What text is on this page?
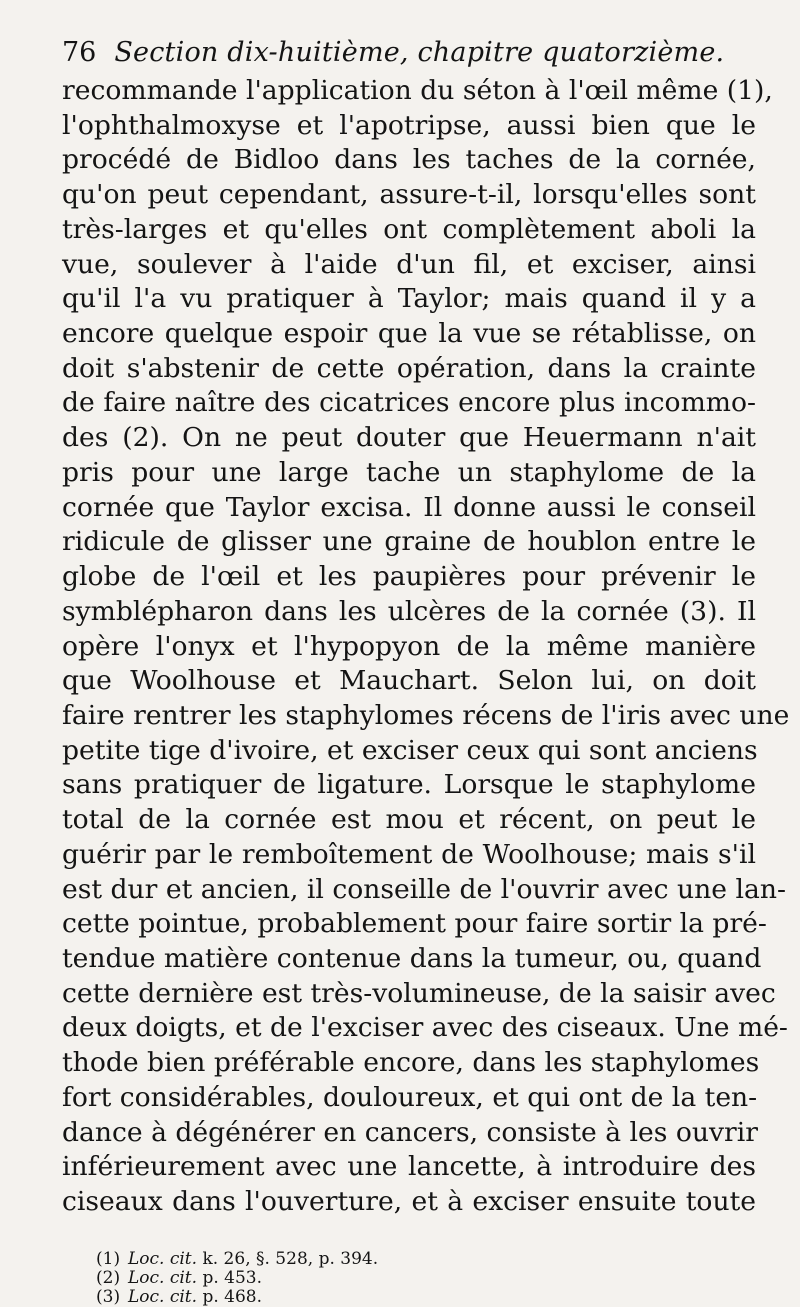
76 Section dix-huitième, chapitre quatorzième.
recommande l'application du séton à l'œil même (1),
l'ophthalmoxyse et l'apotripse, aussi bien que le
procédé de Bidloo dans les taches de la cornée,
qu'on peut cependant, assure-t-il, lorsqu'elles sont
très-larges et qu'elles ont complètement aboli la
vue, soulever à l'aide d'un fil, et exciser, ainsi
qu'il l'a vu pratiquer à Taylor; mais quand il y a
encore quelque espoir que la vue se rétablisse, on
doit s'abstenir de cette opération, dans la crainte
de faire naître des cicatrices encore plus incommo-
des (2). On ne peut douter que Heuermann n'ait
pris pour une large tache un staphylome de la
cornée que Taylor excisa. Il donne aussi le conseil
ridicule de glisser une graine de houblon entre le
globe de l'œil et les paupières pour prévenir le
symblépharon dans les ulcères de la cornée (3). Il
opère l'onyx et l'hypopyon de la même manière
que Woolhouse et Mauchart. Selon lui, on doit
faire rentrer les staphylomes récens de l'iris avec une
petite tige d'ivoire, et exciser ceux qui sont anciens
sans pratiquer de ligature. Lorsque le staphylome
total de la cornée est mou et récent, on peut le
guérir par le remboîtement de Woolhouse; mais s'il
est dur et ancien, il conseille de l'ouvrir avec une lan-
cette pointue, probablement pour faire sortir la pré-
tendue matière contenue dans la tumeur, ou, quand
cette dernière est très-volumineuse, de la saisir avec
deux doigts, et de l'exciser avec des ciseaux. Une mé-
thode bien préférable encore, dans les staphylomes
fort considérables, douloureux, et qui ont de la ten-
dance à dégénérer en cancers, consiste à les ouvrir
inférieurement avec une lancette, à introduire des
ciseaux dans l'ouverture, et à exciser ensuite toute
(1) Loc. cit. k. 26, §. 528, p. 394.
(2) Loc. cit. p. 453.
(3) Loc. cit. p. 468.
